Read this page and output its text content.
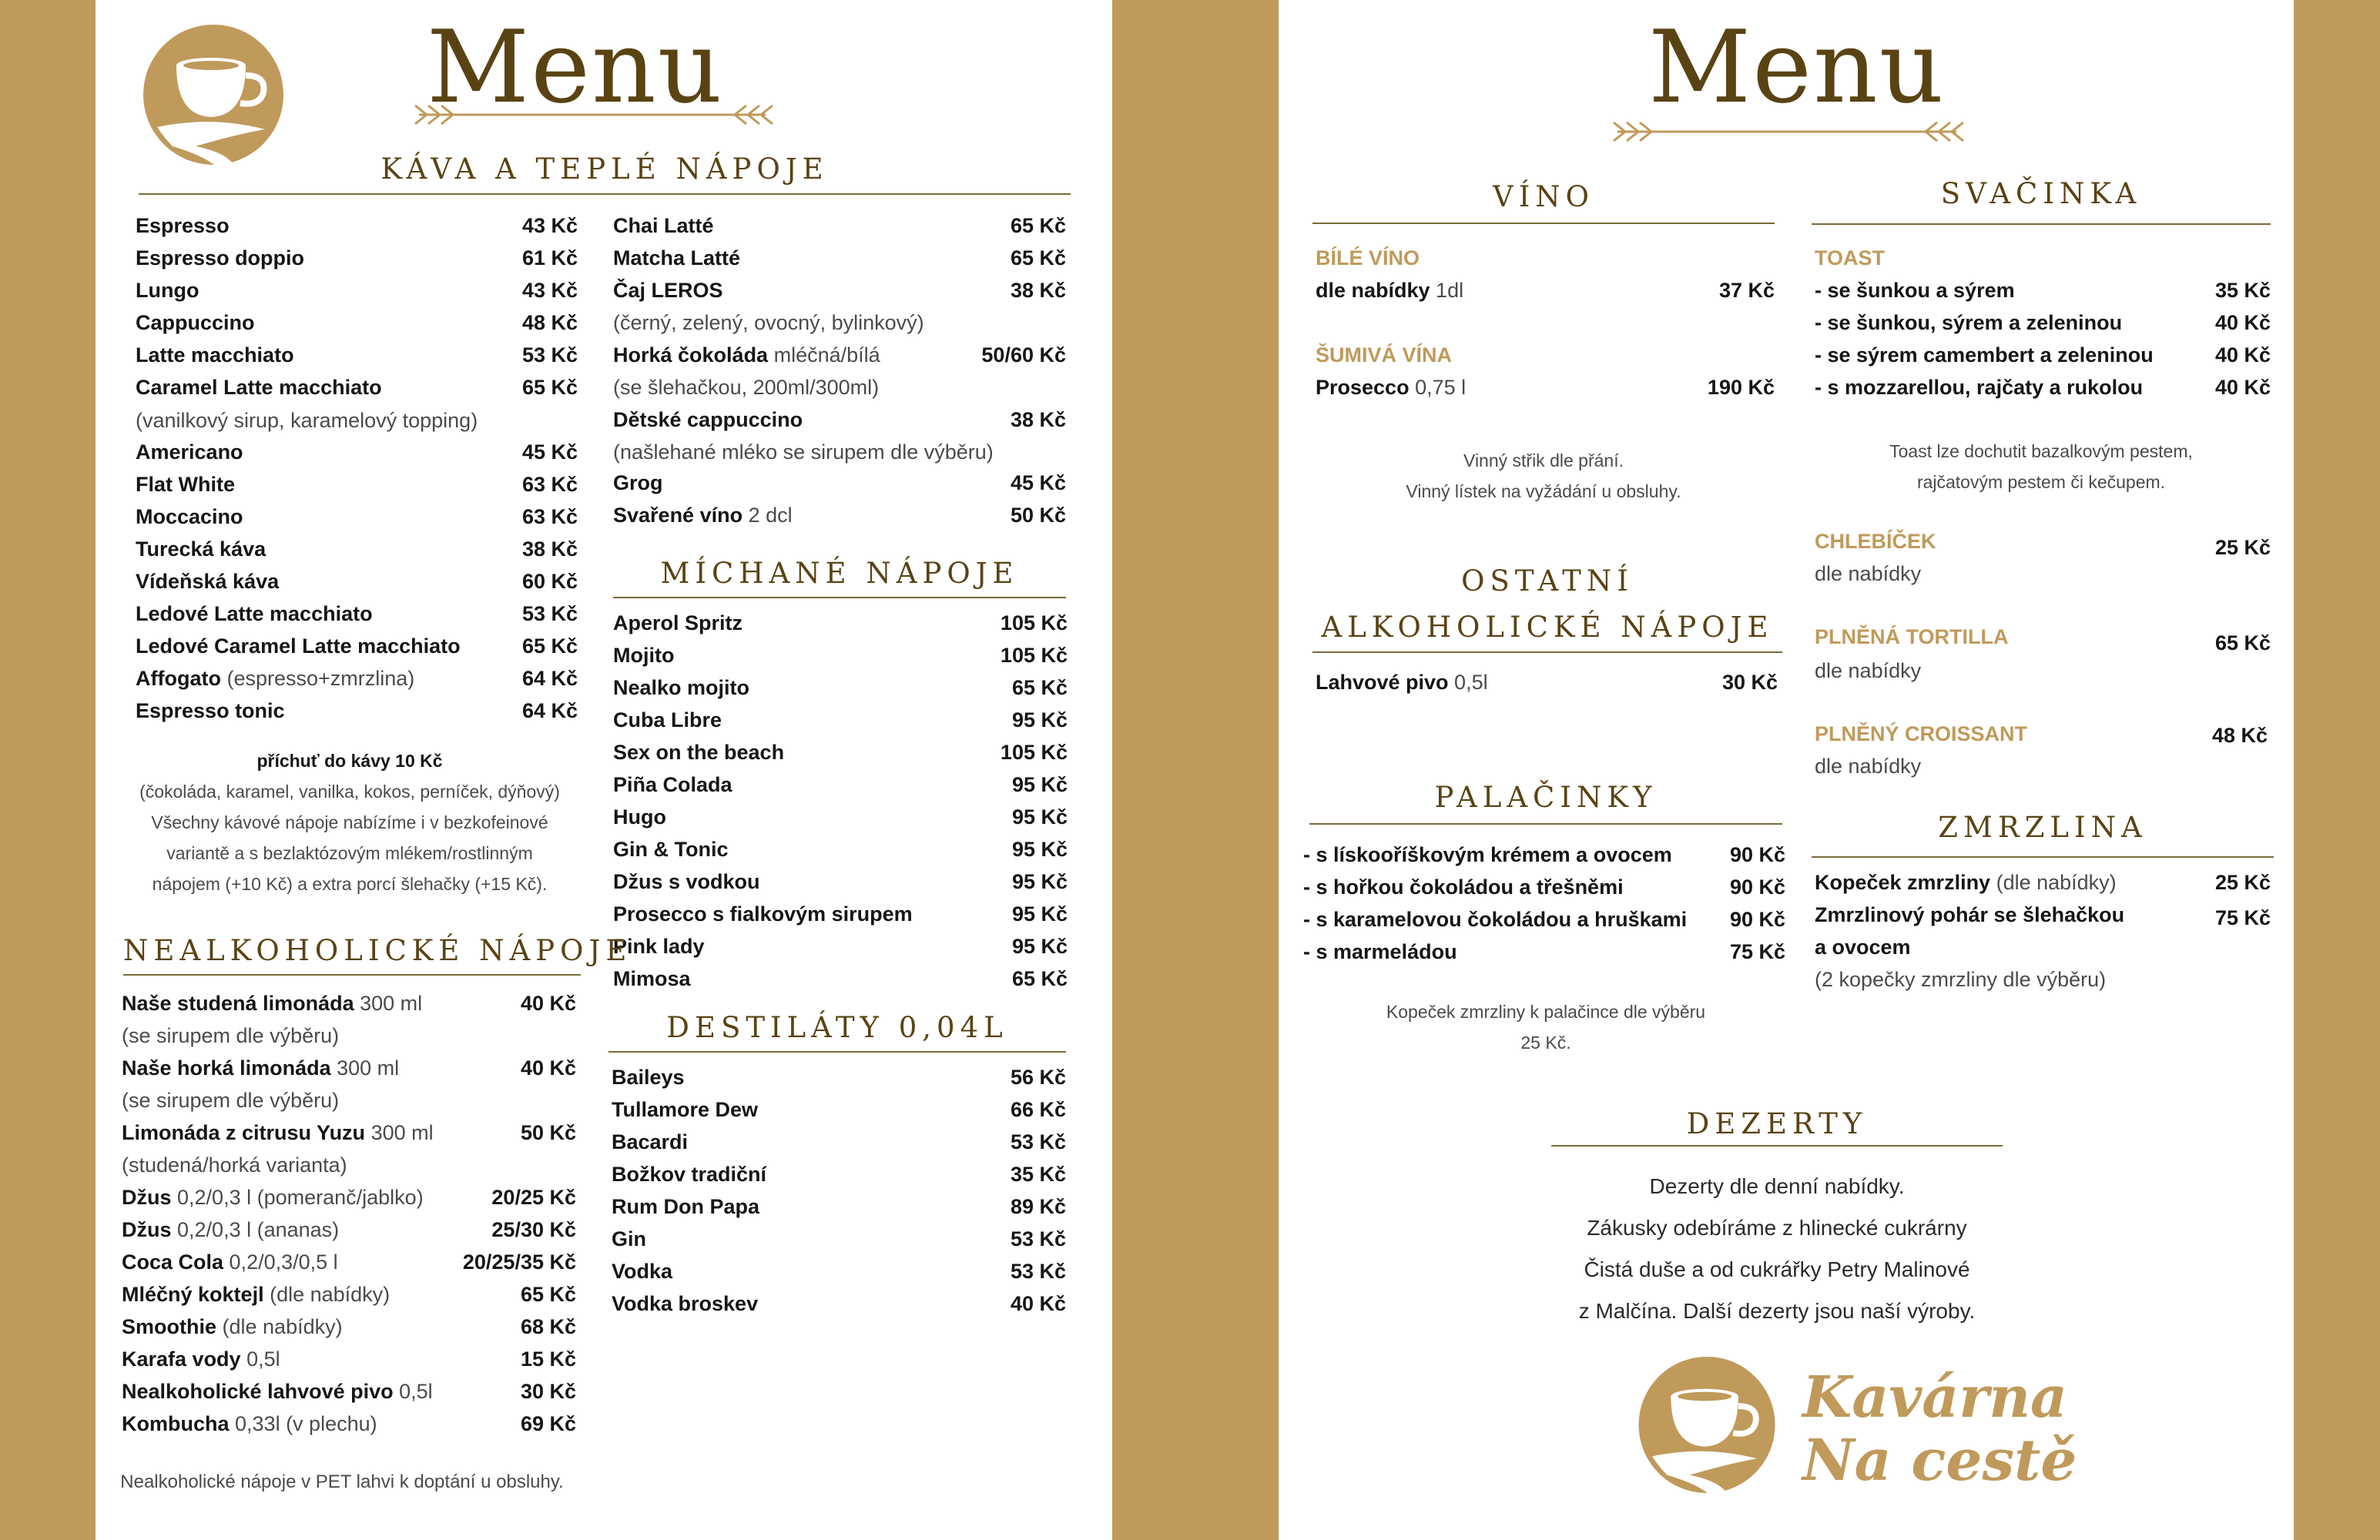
Menu
KÁVA A TEPLÉ NÁPOJE
Espresso	43 Kč
Espresso doppio	61 Kč
Lungo	43 Kč
Cappuccino	48 Kč
Latte macchiato	53 Kč
Caramel Latte macchiato	65 Kč
(vanilkový sirup, karamelový topping)
Americano	45 Kč
Flat White	63 Kč
Moccacino	63 Kč
Turecká káva	38 Kč
Vídeňská káva	60 Kč
Ledové Latte macchiato	53 Kč
Ledové Caramel Latte macchiato	65 Kč
Affogato (espresso+zmrzlina)	64 Kč
Espresso tonic	64 Kč
příchuť do kávy 10 Kč
(čokoláda, karamel, vanilka, kokos, perníček, dýňový)
Všechny kávové nápoje nabízíme i v bezkofeinové
variantě a s bezlaktózovým mlékem/rostlinným
nápojem (+10 Kč) a extra porcí šlehačky (+15 Kč).
Chai Latté	65 Kč
Matcha Latté	65 Kč
Čaj LEROS	38 Kč
(černý, zelený, ovocný, bylinkový)
Horká čokoláda mléčná/bílá	50/60 Kč
(se šlehačkou, 200ml/300ml)
Dětské cappuccino	38 Kč
(našlehané mléko se sirupem dle výběru)
Grog	45 Kč
Svařené víno 2 dcl	50 Kč
MÍCHANÉ NÁPOJE
Aperol Spritz	105 Kč
Mojito	105 Kč
Nealko mojito	65 Kč
Cuba Libre	95 Kč
Sex on the beach	105 Kč
Piña Colada	95 Kč
Hugo	95 Kč
Gin & Tonic	95 Kč
Džus s vodkou	95 Kč
Prosecco s fialkovým sirupem	95 Kč
Pink lady	95 Kč
Mimosa	65 Kč
DESTILÁTY 0,04L
Baileys	56 Kč
Tullamore Dew	66 Kč
Bacardi	53 Kč
Božkov tradiční	35 Kč
Rum Don Papa	89 Kč
Gin	53 Kč
Vodka	53 Kč
Vodka broskev	40 Kč
NEALKOHOLICKÉ NÁPOJE
Naše studená limonáda 300 ml	40 Kč
(se sirupem dle výběru)
Naše horká limonáda 300 ml	40 Kč
(se sirupem dle výběru)
Limonáda z citrusu Yuzu 300 ml	50 Kč
(studená/horká varianta)
Džus 0,2/0,3 l (pomeranč/jablko)	20/25 Kč
Džus 0,2/0,3 l (ananas)	25/30 Kč
Coca Cola 0,2/0,3/0,5 l	20/25/35 Kč
Mléčný koktejl (dle nabídky)	65 Kč
Smoothie (dle nabídky)	68 Kč
Karafa vody 0,5l	15 Kč
Nealkoholické lahvové pivo 0,5l	30 Kč
Kombucha 0,33l (v plechu)	69 Kč
Nealkoholické nápoje v PET lahvi k doptání u obsluhy.
Menu
VÍNO
BÍLÉ VÍNO
dle nabídky 1dl	37 Kč
ŠUMIVÁ VÍNA
Prosecco 0,75 l	190 Kč
Vinný střik dle přání.
Vinný lístek na vyžádání u obsluhy.
OSTATNÍ
ALKOHOLICKÉ NÁPOJE
Lahvové pivo 0,5l	30 Kč
PALAČINKY
- s lískooříškovým krémem a ovocem	90 Kč
- s hořkou čokoládou a třešněmi	90 Kč
- s karamelovou čokoládou a hruškami 90 Kč
- s marmeládou	75 Kč
Kopeček zmrzliny k palačince dle výběru
25 Kč.
SVAČINKA
TOAST
- se šunkou a sýrem	35 Kč
- se šunkou, sýrem a zeleninou	40 Kč
- se sýrem camembert a zeleninou	40 Kč
- s mozzarellou, rajčaty a rukolou	40 Kč
Toast lze dochutit bazalkovým pestem,
rajčatovým pestem či kečupem.
CHLEBÍČEK	25 Kč
dle nabídky
PLNĚNÁ TORTILLA	65 Kč
dle nabídky
PLNĚNÝ CROISSANT	48 Kč
dle nabídky
ZMRZLINA
Kopeček zmrzliny (dle nabídky)	25 Kč
Zmrzlinový pohár se šlehačkou	75 Kč
a ovocem
(2 kopečky zmrzliny dle výběru)
DEZERTY
Dezerty dle denní nabídky.
Zákusky odebíráme z hlinecké cukrárny
Čistá duše a od cukrářky Petry Malinové
z Malčína. Další dezerty jsou naší výroby.
Kavárna
Na cestě
